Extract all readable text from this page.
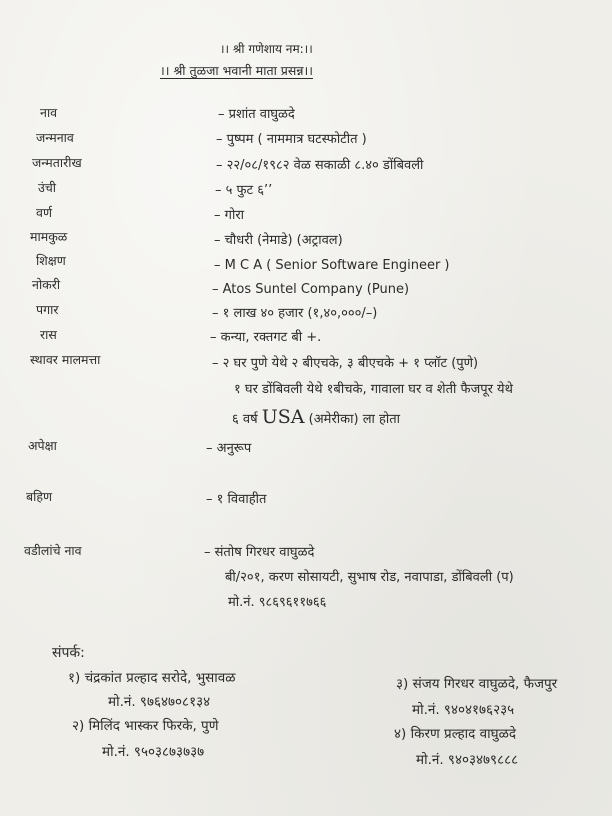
।। श्री गणेशाय नम:।।
।। श्री तुळजा भवानी माता प्रसन्न।।
नाव	– प्रशांत वाघुळदे
जन्मनाव	– पुष्पम ( नाममात्र घटस्फोटीत )
जन्मतारीख	– २२/०८/१९८२ वेळ सकाळी ८.४० डोंबिवली
उंची	– ५ फुट ६’’
वर्ण	– गोरा
मामकुळ	– चौधरी (नेमाडे) (अट्रावल)
शिक्षण	– M C A ( Senior Software Engineer )
नोकरी	– Atos Suntel Company (Pune)
पगार	– १ लाख ४० हजार (१,४०,०००/–)
रास	– कन्या, रक्तगट बी +.
स्थावर मालमत्ता	– २ घर पुणे येथे २ बीएचके, ३ बीएचके + १ प्लॉट (पुणे)
१ घर डोंबिवली येथे १बीचके, गावाला घर व शेती फैजपूर येथे
६ वर्ष USA (अमेरीका) ला होता
अपेक्षा	– अनुरूप
बहिण	– १ विवाहीत
वडीलांचे नाव	– संतोष गिरधर वाघुळदे
बी/२०१, करण सोसायटी, सुभाष रोड, नवापाडा, डोंबिवली (प)
मो.नं. ९८६९६११७६६
संपर्क:
१) चंद्रकांत प्रल्हाद सरोदे, भुसावळ
मो.नं. ९७६४७०८१३४
२) मिलिंद भास्कर फिरके, पुणे
मो.नं. ९५०३८७३७३७
३) संजय गिरधर वाघुळदे, फैजपुर
मो.नं. ९४०४१७६२३५
४) किरण प्रल्हाद वाघुळदे
मो.नं. ९४०३४७९८८८
